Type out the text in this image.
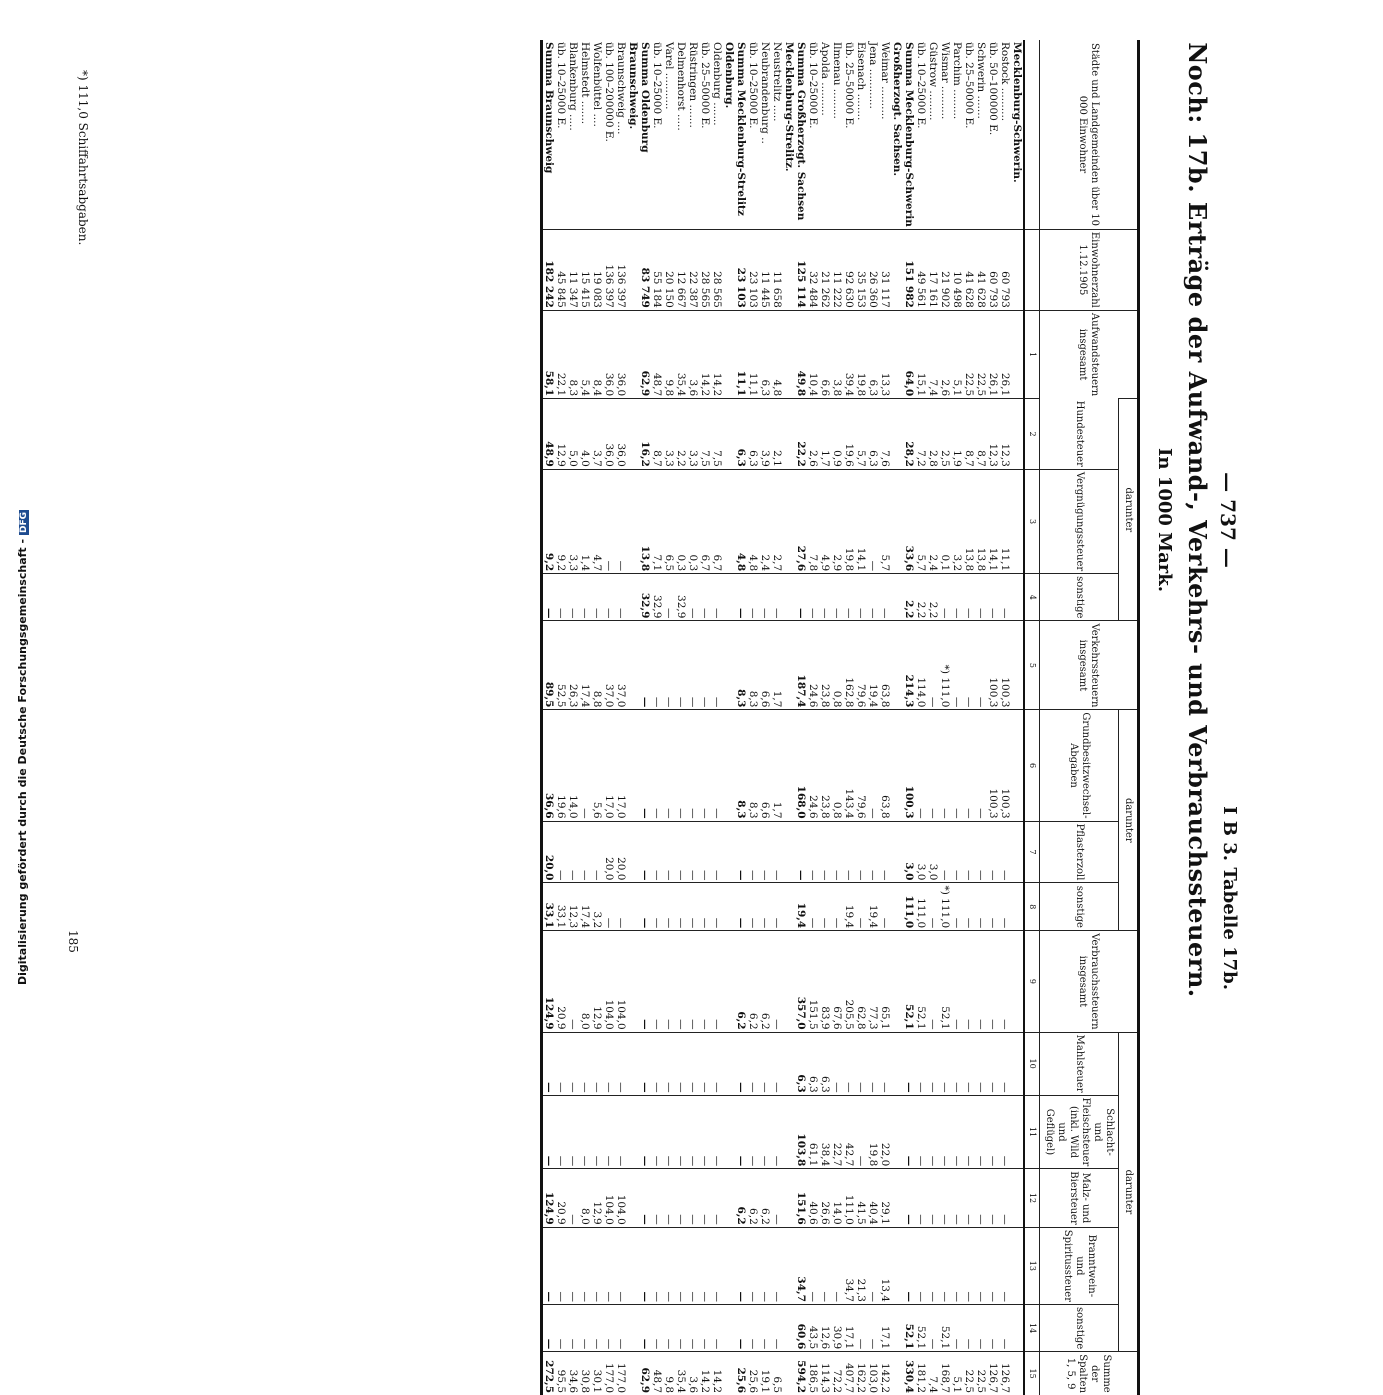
Digitalisierung gefördert durch die Deutsche Forschungsgemeinschaft -DFG	— 737 —
I B 3. Tabelle 17b.
Noch: 17b. Erträge der Aufwand-, Verkehrs- und Verbrauchssteuern.
In 1000 Mark.
Städte und Landgemeinden über 10 000 Einwohner	Einwohnerzahl 1.12.1905	Aufwandsteuern insgesamt	darunter			Verkehrssteuern insgesamt	darunter			Verbrauchssteuern insgesamt	darunter					Summe der Spalten 1, 5, 9
			Hundesteuer	Vergnügungssteuer	sonstige		Grundbesitzwechsel-Abgaben	Pflasterzoll	sonstige		Mahlsteuer	Schlacht- und Fleischsteuer (inkl. Wild und Geflügel)	Malz- und Biersteuer	Branntwein- und Spiritussteuer	sonstige	
		1	2	3	4	5	6	7	8	9	10	11	12	13	14	15
Mecklenburg-Schwerin.																
Rostock ..........	60 793	26,1	12,3	11,1	—	100,3	100,3	—	—	—	—	—	—	—	—	126,7
üb. 50–100000 E.	60 793	26,1	12,3	14,1	—	100,3	100,3	—	—	—	—	—	—	—	—	126,7
Schwerin .......	41 628	22,5	8,7	13,8	—	—	—	—	—	—	—	—	—	—	—	22,5
üb. 25–50000 E.	41 628	22,5	8,7	13,8	—	—	—	—	—	—	—	—	—	—	—	22,5
Parchim .........	10 498	5,1	1,9	3,2	—	—	—	—	—	—	—	—	—	—	—	5,1
Wismar ..........	21 902	2,6	2,5	0,1	—	*) 111,0	—	—	*) 111,0	52,1	—	—	—	—	52,1	168,7
Güstrow .........	17 161	7,4	2,8	2,4	2,2	—	—	3,0	—	—	—	—	—	—	—	7,4
üb. 10–25000 E.	49 561	15,1	7,2	5,7	2,2	114,0	—	3,0	111,0	52,1	—	—	—	—	52,1	181,2
Summa Mecklenburg-Schwerin	151 982	64,0	28,2	33,6	2,2	214,3	100,3	3,0	111,0	52,1	—	—	—	—	52,1	330,4
Großherzogt. Sachsen.																
Weimar ..........	31 117	13,3	7,6	5,7	—	63,8	63,8	—	—	65,1	—	22,0	29,1	13,4	17,1	142,2
Jena ............	26 360	6,3	6,3	—	—	19,4	—	—	19,4	77,3	—	19,8	40,4	—	—	103,0
Eisenach ........	35 153	19,8	5,7	14,1	—	79,6	79,6	—	—	62,8	—	—	41,5	21,3	—	162,2
üb. 25–50000 E.	92 630	39,4	19,6	19,8	—	162,8	143,4	—	19,4	205,5	—	42,7	111,0	34,7	17,1	407,7
Ilmenau .........	11 222	3,8	0,9	2,9	—	0,8	0,8	—	—	67,6	—	22,7	14,0	—	30,9	72,2
Apolda ..........	21 262	6,6	1,7	4,9	—	23,8	23,8	—	—	83,9	6,3	38,4	26,6	—	12,6	114,3
üb. 10–25000 E.	32 484	10,4	2,6	7,8	—	24,6	24,6	—	—	151,5	6,3	61,1	40,6	—	43,5	186,5
Summa Großherzogt. Sachsen	125 114	49,8	22,2	27,6	—	187,4	168,0	—	19,4	357,0	6,3	103,8	151,6	34,7	60,6	594,2
Mecklenburg-Strelitz.																
Neustrelitz .....	11 658	4,8	2,1	2,7	—	1,7	1,7	—	—	—	—	—	—	—	—	6,5
Neubrandenburg ..	11 445	6,3	3,9	2,4	—	6,6	6,6	—	—	6,2	—	—	6,2	—	—	19,1
üb. 10–25000 E.	23 103	11,1	6,3	4,8	—	8,3	8,3	—	—	6,2	—	—	6,2	—	—	25,6
Summa Mecklenburg-Strelitz	23 103	11,1	6,3	4,8	—	8,3	8,3	—	—	6,2	—	—	6,2	—	—	25,6
Oldenburg.																
Oldenburg .......	28 565	14,2	7,5	6,7	—	—	—	—	—	—	—	—	—	—	—	14,2
üb. 25–50000 E.	28 565	14,2	7,5	6,7	—	—	—	—	—	—	—	—	—	—	—	14,2
Rüstringen .......	22 387	3,6	3,3	0,3	—	—	—	—	—	—	—	—	—	—	—	3,6
Delmenhorst .....	12 667	35,4	2,2	0,3	32,9	—	—	—	—	—	—	—	—	—	—	35,4
Varel ...........	20 150	9,8	3,3	6,5	—	—	—	—	—	—	—	—	—	—	—	9,8
üb. 10–25000 E.	55 184	48,7	8,7	7,1	32,9	—	—	—	—	—	—	—	—	—	—	48,7
Summa Oldenburg	83 749	62,9	16,2	13,8	32,9	—	—	—	—	—	—	—	—	—	—	62,9
Braunschweig.																
Braunschweig ....	136 397	36,0	36,0	—	—	37,0	17,0	20,0	—	104,0	—	—	104,0	—	—	177,0
üb. 100–200000 E.	136 397	36,0	36,0	—	—	37,0	17,0	20,0	—	104,0	—	—	104,0	—	—	177,0
Wolfenbüttel ....	19 083	8,4	3,7	4,7	—	8,8	5,6	—	3,2	12,9	—	—	12,9	—	—	30,1
Helmstedt .......	15 415	5,4	4,0	1,4	—	17,4	—	—	17,4	8,0	—	—	8,0	—	—	30,8
Blankenburg .....	11 347	8,3	5,0	3,3	—	26,3	14,0	—	12,3	—	—	—	—	—	—	34,6
üb. 10–25000 E.	45 845	22,1	12,9	9,2	—	52,5	19,6	—	33,1	20,9	—	—	20,9	—	—	95,5
Summa Braunschweig	182 242	58,1	48,9	9,2	—	89,5	36,6	20,0	33,1	124,9	—	—	124,9	—	—	272,5
*) 111,0 Schiffahrtsabgaben.
185
